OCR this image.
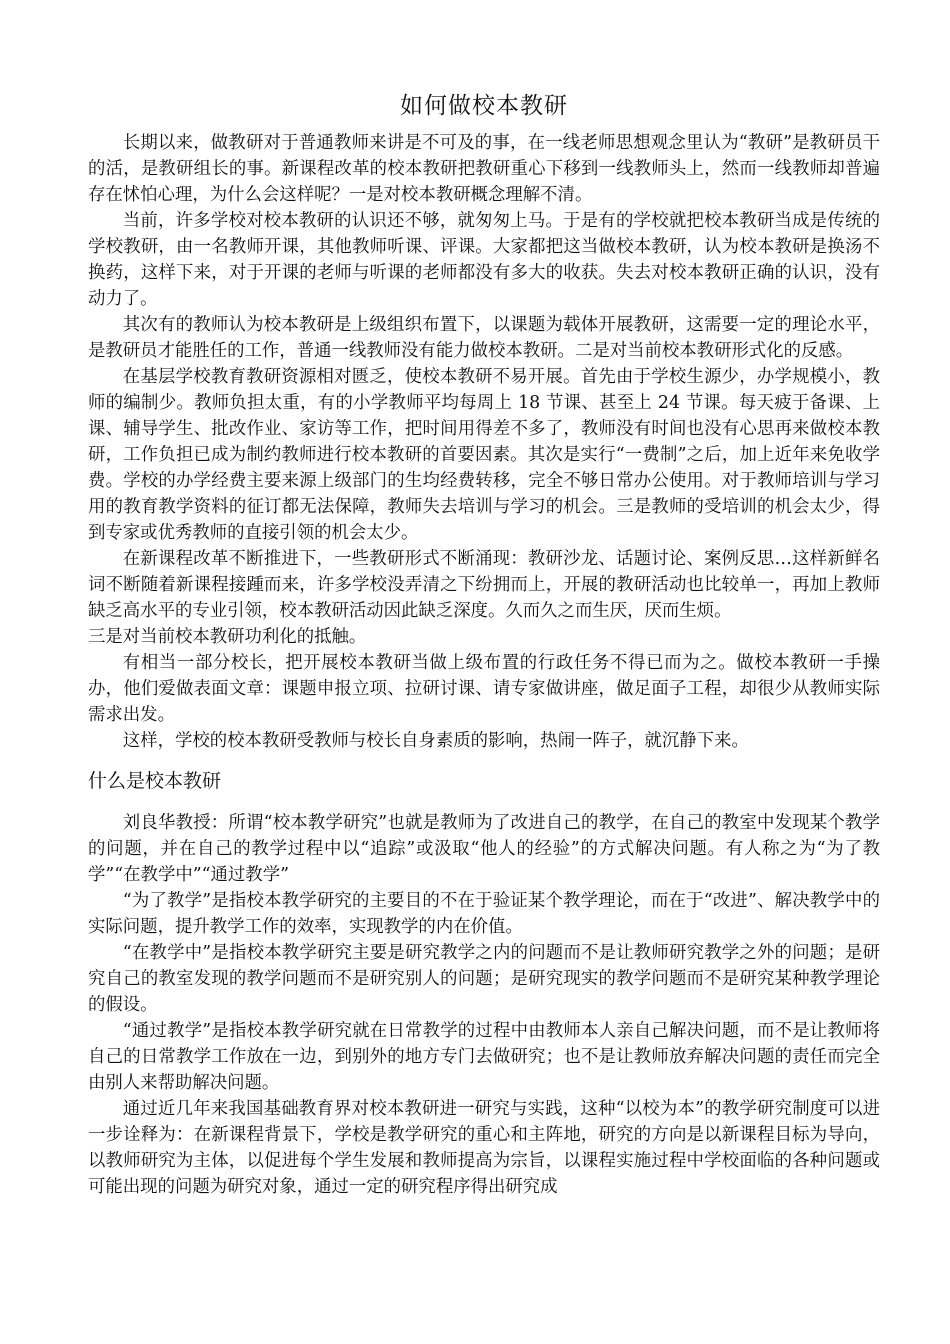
如何做校本教研

长期以来，做教研对于普通教师来讲是不可及的事，在一线老师思想观念里认为“教研”是教研员干的活，是教研组长的事。新课程改革的校本教研把教研重心下移到一线教师头上，然而一线教师却普遍存在怵怕心理，为什么会这样呢？一是对校本教研概念理解不清。

当前，许多学校对校本教研的认识还不够，就匆匆上马。于是有的学校就把校本教研当成是传统的学校教研，由一名教师开课，其他教师听课、评课。大家都把这当做校本教研，认为校本教研是换汤不换药，这样下来，对于开课的老师与听课的老师都没有多大的收获。失去对校本教研正确的认识，没有动力了。

其次有的教师认为校本教研是上级组织布置下，以课题为载体开展教研，这需要一定的理论水平，是教研员才能胜任的工作，普通一线教师没有能力做校本教研。二是对当前校本教研形式化的反感。

在基层学校教育教研资源相对匮乏，使校本教研不易开展。首先由于学校生源少，办学规模小，教师的编制少。教师负担太重，有的小学教师平均每周上 18 节课、甚至上 24 节课。每天疲于备课、上课、辅导学生、批改作业、家访等工作，把时间用得差不多了，教师没有时间也没有心思再来做校本教研，工作负担已成为制约教师进行校本教研的首要因素。其次是实行“一费制”之后，加上近年来免收学费。学校的办学经费主要来源上级部门的生均经费转移，完全不够日常办公使用。对于教师培训与学习用的教育教学资料的征订都无法保障，教师失去培训与学习的机会。三是教师的受培训的机会太少，得到专家或优秀教师的直接引领的机会太少。

在新课程改革不断推进下，一些教研形式不断涌现：教研沙龙、话题讨论、案例反思…这样新鲜名词不断随着新课程接踵而来，许多学校没弄清之下纷拥而上，开展的教研活动也比较单一，再加上教师缺乏高水平的专业引领，校本教研活动因此缺乏深度。久而久之而生厌，厌而生烦。

三是对当前校本教研功利化的抵触。

有相当一部分校长，把开展校本教研当做上级布置的行政任务不得已而为之。做校本教研一手操办，他们爱做表面文章：课题申报立项、拉研讨课、请专家做讲座，做足面子工程，却很少从教师实际需求出发。

这样，学校的校本教研受教师与校长自身素质的影响，热闹一阵子，就沉静下来。

什么是校本教研

刘良华教授：所谓“校本教学研究”也就是教师为了改进自己的教学，在自己的教室中发现某个教学的问题，并在自己的教学过程中以“追踪”或汲取“他人的经验”的方式解决问题。有人称之为“为了教学”“在教学中”“通过教学”

“为了教学”是指校本教学研究的主要目的不在于验证某个教学理论，而在于“改进”、解决教学中的实际问题，提升教学工作的效率，实现教学的内在价值。

“在教学中”是指校本教学研究主要是研究教学之内的问题而不是让教师研究教学之外的问题；是研究自己的教室发现的教学问题而不是研究别人的问题；是研究现实的教学问题而不是研究某种教学理论的假设。

“通过教学”是指校本教学研究就在日常教学的过程中由教师本人亲自己解决问题，而不是让教师将自己的日常教学工作放在一边，到别外的地方专门去做研究；也不是让教师放弃解决问题的责任而完全由别人来帮助解决问题。

通过近几年来我国基础教育界对校本教研进一研究与实践，这种“以校为本”的教学研究制度可以进一步诠释为：在新课程背景下，学校是教学研究的重心和主阵地，研究的方向是以新课程目标为导向，以教师研究为主体，以促进每个学生发展和教师提高为宗旨，以课程实施过程中学校面临的各种问题或可能出现的问题为研究对象，通过一定的研究程序得出研究成
